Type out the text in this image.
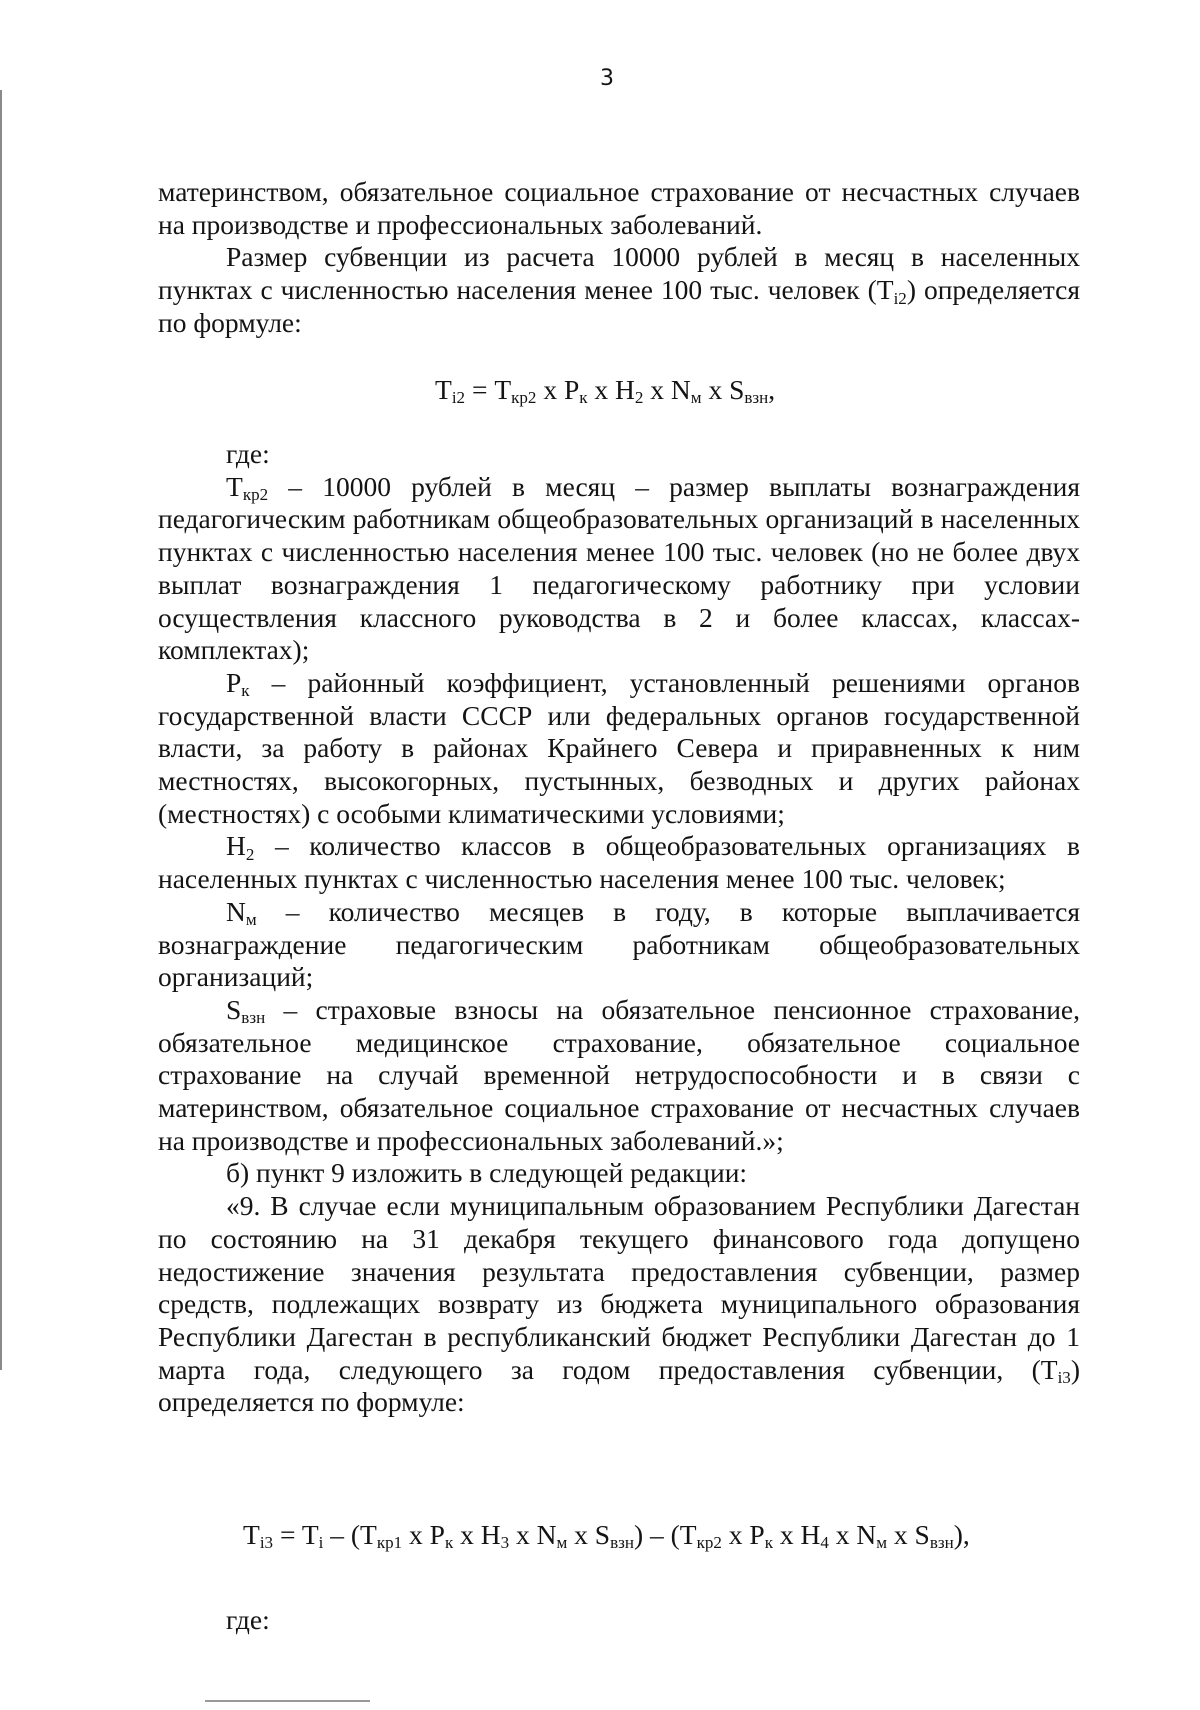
3

материнством, обязательное социальное страхование от несчастных случаев на производстве и профессиональных заболеваний.

Размер субвенции из расчета 10000 рублей в месяц в населенных пунктах с численностью населения менее 100 тыс. человек $(T_{i2})$ определяется по формуле:

$T_{i2} = Т_{кр2}$ х $Р_к$ х $Н_2$ х $N_м$ х $S_{взн}$,

где:

$Т_{кр2} - 10000$ рублей в месяц – размер выплаты вознаграждения педагогическим работникам общеобразовательных организаций в населенных пунктах с численностью населения менее 100 тыс. человек (но не более двух выплат вознаграждения 1 педагогическому работнику при условии осуществления классного руководства в 2 и более классах, классах-комплектах);

$Р_к$ – районный коэффициент, установленный решениями органов государственной власти СССР или федеральных органов государственной власти, за работу в районах Крайнего Севера и приравненных к ним местностях, высокогорных, пустынных, безводных и других районах (местностях) с особыми климатическими условиями;

$Н_2$ – количество классов в общеобразовательных организациях в населенных пунктах с численностью населения менее 100 тыс. человек;

$N_м$ – количество месяцев в году, в которые выплачивается вознаграждение педагогическим работникам общеобразовательных организаций;

$S_{взн}$ – страховые взносы на обязательное пенсионное страхование, обязательное медицинское страхование, обязательное социальное страхование на случай временной нетрудоспособности и в связи с материнством, обязательное социальное страхование от несчастных случаев на производстве и профессиональных заболеваний.»;

б) пункт 9 изложить в следующей редакции:

«9. В случае если муниципальным образованием Республики Дагестан по состоянию на 31 декабря текущего финансового года допущено недостижение значения результата предоставления субвенции, размер средств, подлежащих возврату из бюджета муниципального образования Республики Дагестан в республиканский бюджет Республики Дагестан до 1 марта года, следующего за годом предоставления субвенции, $(T_{i3})$ определяется по формуле:

$T_{i3} = T_i - (Т_{кр1}$ х $Р_к$ х $Н_3$ х $N_м$ х $S_{взн}) - (Т_{кр2}$ х $Р_к$ х $Н_4$ х $N_м$ х $S_{взн}$),

где:
